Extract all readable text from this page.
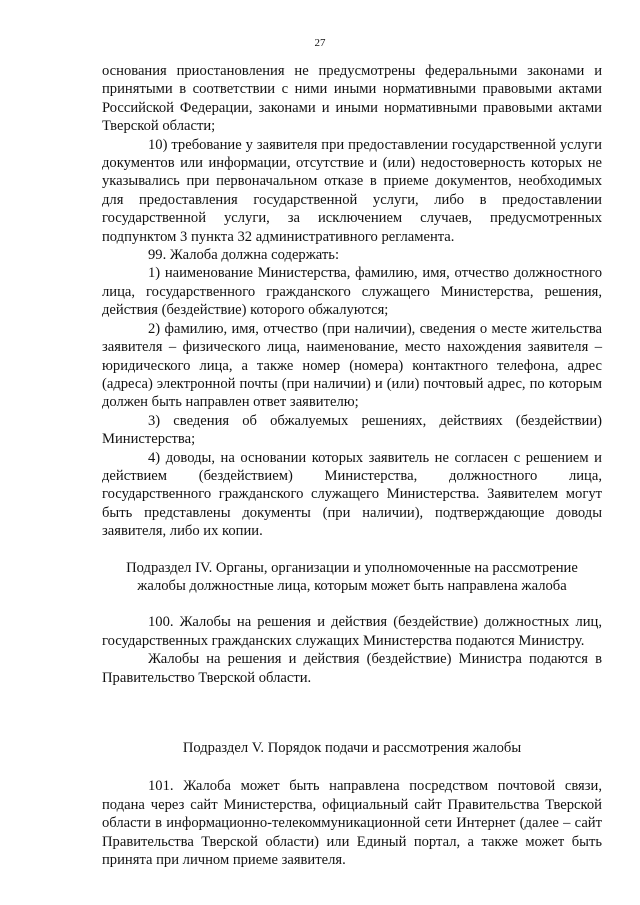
27

основания приостановления не предусмотрены федеральными законами и принятыми в соответствии с ними иными нормативными правовыми актами Российской Федерации, законами и иными нормативными правовыми актами Тверской области;

10) требование у заявителя при предоставлении государственной услуги документов или информации, отсутствие и (или) недостоверность которых не указывались при первоначальном отказе в приеме документов, необходимых для предоставления государственной услуги, либо в предоставлении государственной услуги, за исключением случаев, предусмотренных подпунктом 3 пункта 32 административного регламента.

99. Жалоба должна содержать:

1) наименование Министерства, фамилию, имя, отчество должностного лица, государственного гражданского служащего Министерства, решения, действия (бездействие) которого обжалуются;

2) фамилию, имя, отчество (при наличии), сведения о месте жительства заявителя – физического лица, наименование, место нахождения заявителя – юридического лица, а также номер (номера) контактного телефона, адрес (адреса) электронной почты (при наличии) и (или) почтовый адрес, по которым должен быть направлен ответ заявителю;

3) сведения об обжалуемых решениях, действиях (бездействии) Министерства;

4) доводы, на основании которых заявитель не согласен с решением и действием (бездействием) Министерства, должностного лица, государственного гражданского служащего Министерства. Заявителем могут быть представлены документы (при наличии), подтверждающие доводы заявителя, либо их копии.

Подраздел IV. Органы, организации и уполномоченные на рассмотрение

жалобы должностные лица, которым может быть направлена жалоба

100. Жалобы на решения и действия (бездействие) должностных лиц, государственных гражданских служащих Министерства подаются Министру.

Жалобы на решения и действия (бездействие) Министра подаются в Правительство Тверской области.

Подраздел V. Порядок подачи и рассмотрения жалобы

101. Жалоба может быть направлена посредством почтовой связи, подана через сайт Министерства, официальный сайт Правительства Тверской области в информационно-телекоммуникационной сети Интернет (далее – сайт Правительства Тверской области) или Единый портал, а также может быть принята при личном приеме заявителя.
